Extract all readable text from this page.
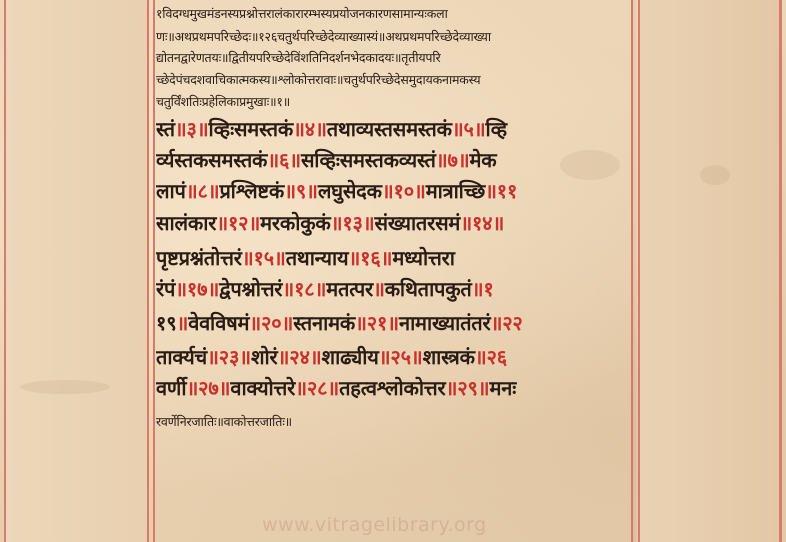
१विदग्धमुखमंडनस्यप्रश्नोत्तरालंकारारम्भस्यप्रयोजनकारणसामान्यःकला
णः॥अथप्रथमपरिच्छेदः॥१२६चतुर्थपरिच्छेदेव्याख्यास्यं॥अथप्रथमपरिच्छेदेव्याख्या
द्योतनद्वारेणतयः॥द्वितीयपरिच्छेदेविंशतिनिदर्शनभेदकादयः॥तृतीयपरि
च्छेदेपंचदशवाचिकात्मकस्य॥श्लोकोत्तरावाः॥चतुर्थपरिच्छेदेसमुदायकनामकस्य
चतुर्विंशतिःप्रहेलिकाप्रमुखाः॥१॥
स्तं॥३॥व्हिःसमस्तकं॥४॥तथाव्यस्तसमस्तकं॥५॥व्हि
र्व्यस्तकसमस्तकं॥६॥सव्हिःसमस्तकव्यस्तं॥७॥मेक
लापं॥८॥प्रश्लिष्टकं॥९॥लघुसेदक॥१०॥मात्राच्छि॥११
सालंकार॥१२॥मरकोकुकं॥१३॥संख्यातरसमं॥१४॥
पृष्टप्रश्नंतोत्तरं॥१५॥तथान्याय॥१६॥मध्योत्तरा
रंपं॥१७॥द्वेपश्नोत्तरं॥१८॥मतत्पर॥कथितापकुतं॥१
१९॥वेवविषमं॥२०॥स्तनामकं॥२१॥नामाख्यातंतरं॥२२
तार्क्यचं॥२३॥शोरं॥२४॥शाढ्यीय॥२५॥शास्त्रकं॥२६
वर्णी॥२७॥वाक्योत्तरे॥२८॥तहत्वश्लोकोत्तर॥२९॥मनः
रवर्णेनिरजातिः॥वाकोत्तरजातिः॥
www.vitragelibrary.org
